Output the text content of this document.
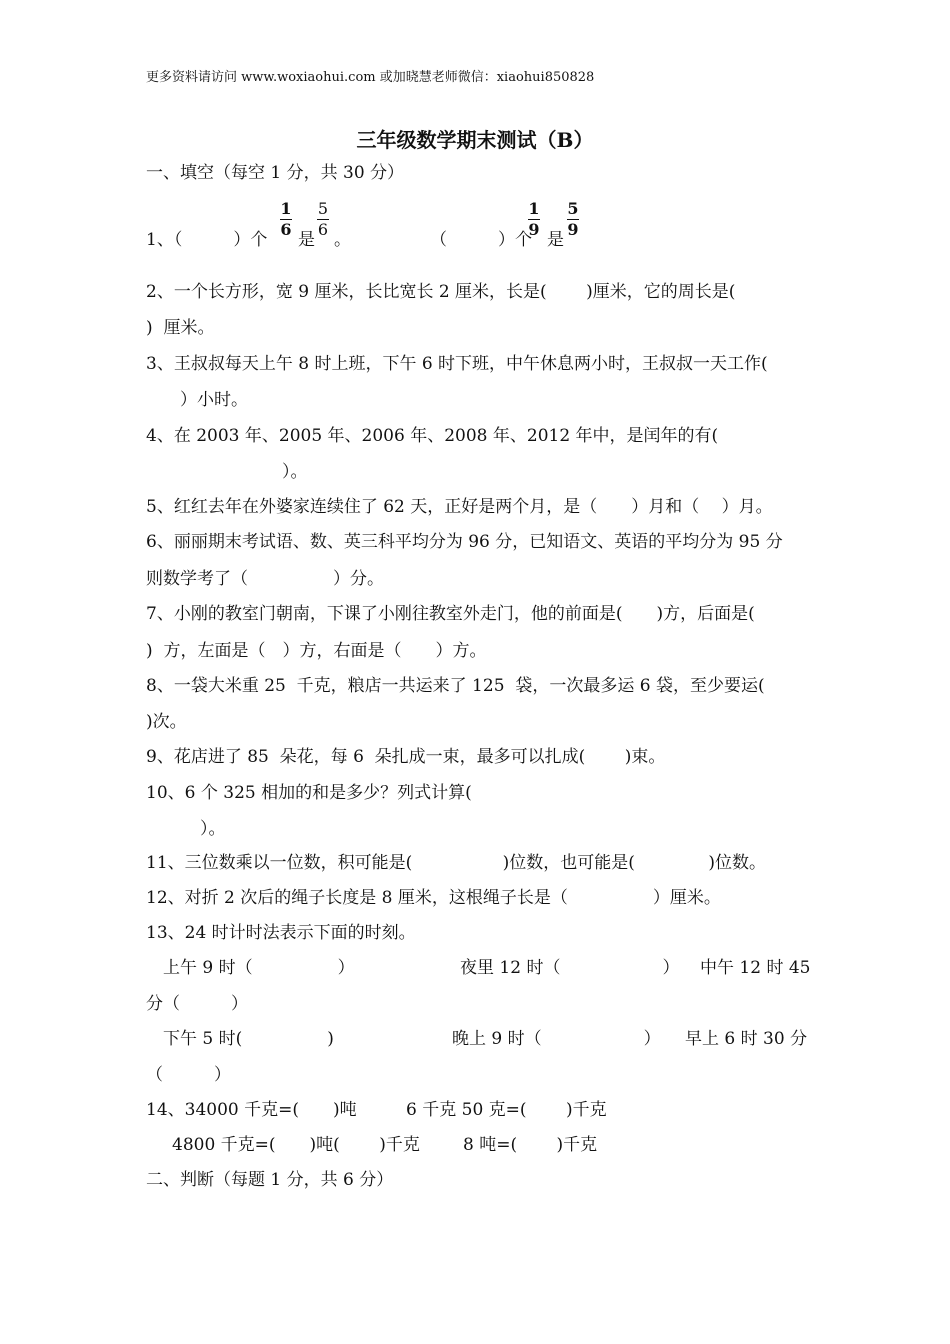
更多资料请访问 www.woxiaohui.com 或加晓慧老师微信：xiaohui850828
三年级数学期末测试（B）
一、填空（每空 1 分，共 30 分）
1、（　　　）个
1
6
是
5
6
。	（　　　）个
1
9
是
5
9
2、一个长方形，宽 9 厘米，长比宽长 2 厘米，长是(　　 )厘米，它的周长是(
)  厘米。
3、王叔叔每天上午 8 时上班，下午 6 时下班，中午休息两小时，王叔叔一天工作(
）小时。
4、在 2003 年、2005 年、2006 年、2008 年、2012 年中，是闰年的有(
）。
5、红红去年在外婆家连续住了 62 天，正好是两个月，是（　　）月和（　 ）月。
6、丽丽期末考试语、数、英三科平均分为 96 分，已知语文、英语的平均分为 95 分
则数学考了（　　　　　）分。
7、小刚的教室门朝南，下课了小刚往教室外走门，他的前面是(　　)方，后面是(
)  方，左面是（　）方，右面是（　　）方。
8、一袋大米重 25  千克，粮店一共运来了 125  袋，一次最多运 6 袋，至少要运(
)次。
9、花店进了 85  朵花，每 6  朵扎成一束，最多可以扎成(　　 )束。
10、6 个 325 相加的和是多少？列式计算(
）。
11、三位数乘以一位数，积可能是(　　　　　 )位数，也可能是(　　　　 )位数。
12、对折 2 次后的绳子长度是 8 厘米，这根绳子长是（　　　　　）厘米。
13、24 时计时法表示下面的时刻。
上午 9 时（　　　　　）	夜里 12 时（　　　　　　） 中午 12 时 45
分（　　　）
下午 5 时(　　　　　)	晚上 9 时（　　　　　　） 早上 6 时 30 分
（　　　）
14、34000 千克=(　　)吨	6 千克 50 克=(　　 )千克
4800 千克=(　　)吨(　　 )千克	8 吨=(　　 )千克
二、判断（每题 1 分，共 6 分）
